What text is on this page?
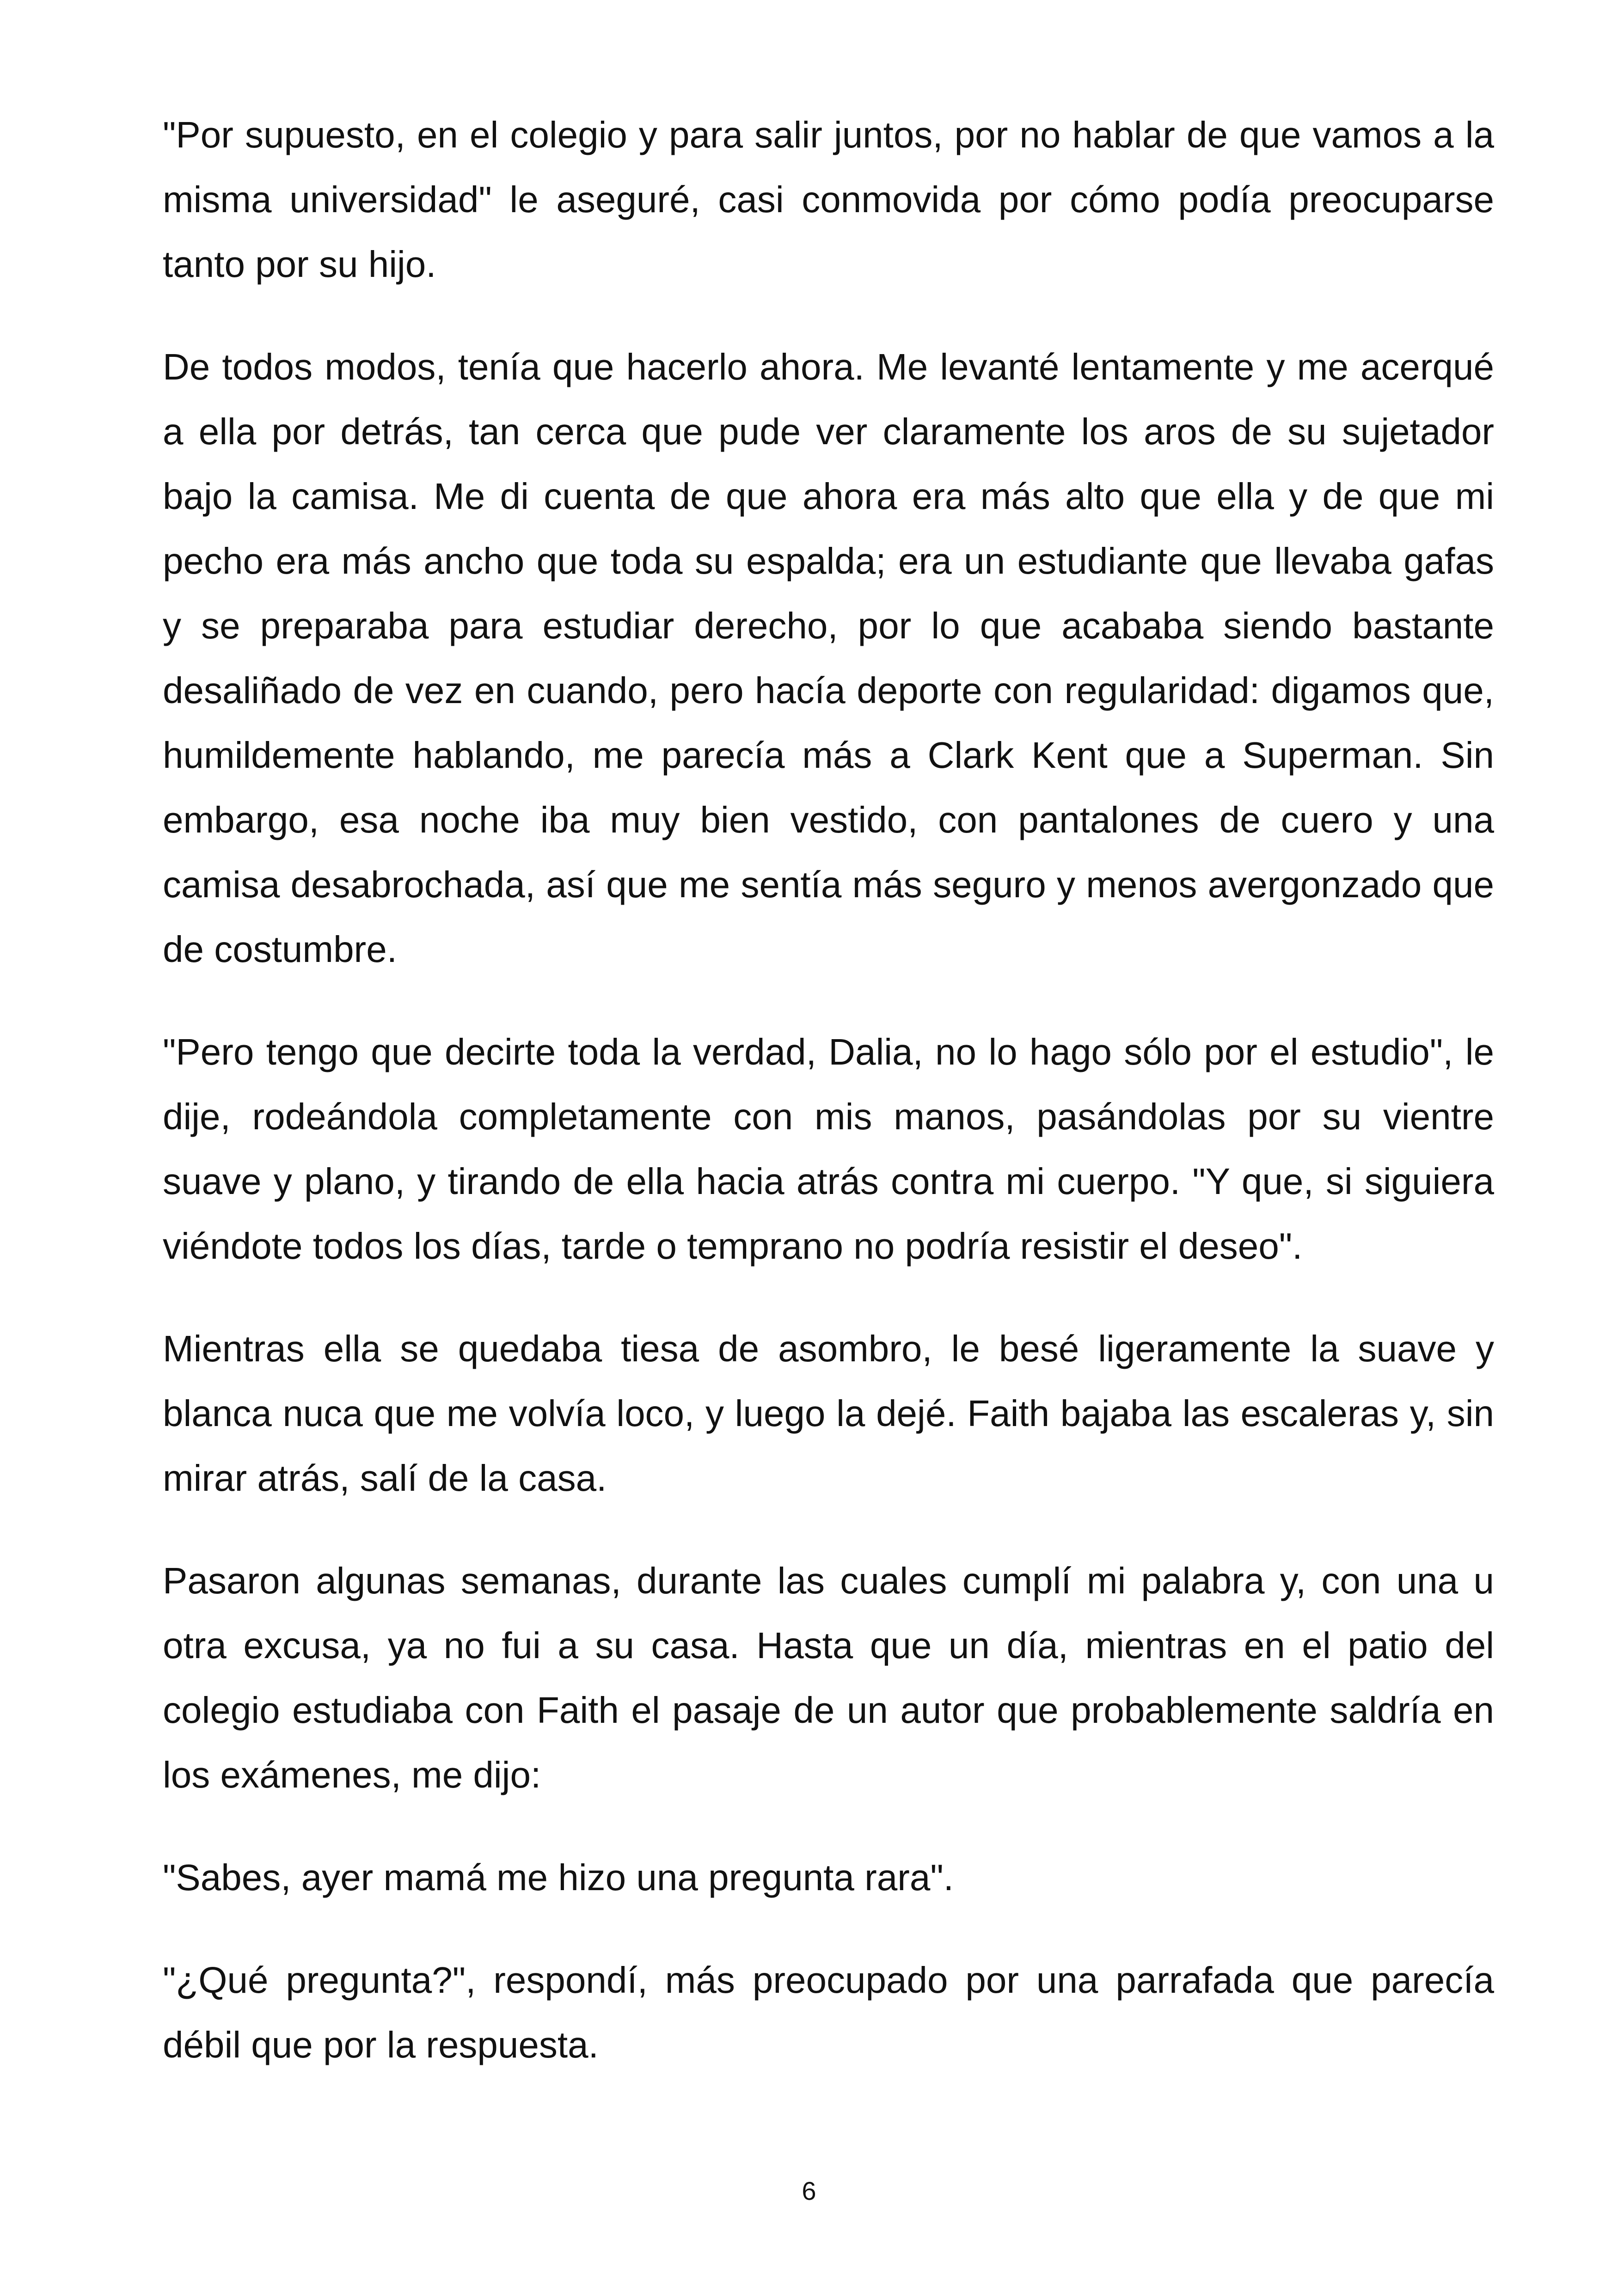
"Por supuesto, en el colegio y para salir juntos, por no hablar de que vamos a la misma universidad" le aseguré, casi conmovida por cómo podía preocuparse tanto por su hijo.

De todos modos, tenía que hacerlo ahora. Me levanté lentamente y me acerqué a ella por detrás, tan cerca que pude ver claramente los aros de su sujetador bajo la camisa. Me di cuenta de que ahora era más alto que ella y de que mi pecho era más ancho que toda su espalda; era un estudiante que llevaba gafas y se preparaba para estudiar derecho, por lo que acababa siendo bastante desaliñado de vez en cuando, pero hacía deporte con regularidad: digamos que, humildemente hablando, me parecía más a Clark Kent que a Superman. Sin embargo, esa noche iba muy bien vestido, con pantalones de cuero y una camisa desabrochada, así que me sentía más seguro y menos avergonzado que de costumbre.

"Pero tengo que decirte toda la verdad, Dalia, no lo hago sólo por el estudio", le dije, rodeándola completamente con mis manos, pasándolas por su vientre suave y plano, y tirando de ella hacia atrás contra mi cuerpo. "Y que, si siguiera viéndote todos los días, tarde o temprano no podría resistir el deseo".

Mientras ella se quedaba tiesa de asombro, le besé ligeramente la suave y blanca nuca que me volvía loco, y luego la dejé. Faith bajaba las escaleras y, sin mirar atrás, salí de la casa.

Pasaron algunas semanas, durante las cuales cumplí mi palabra y, con una u otra excusa, ya no fui a su casa. Hasta que un día, mientras en el patio del colegio estudiaba con Faith el pasaje de un autor que probablemente saldría en los exámenes, me dijo:

"Sabes, ayer mamá me hizo una pregunta rara".

"¿Qué pregunta?", respondí, más preocupado por una parrafada que parecía débil que por la respuesta.

6
